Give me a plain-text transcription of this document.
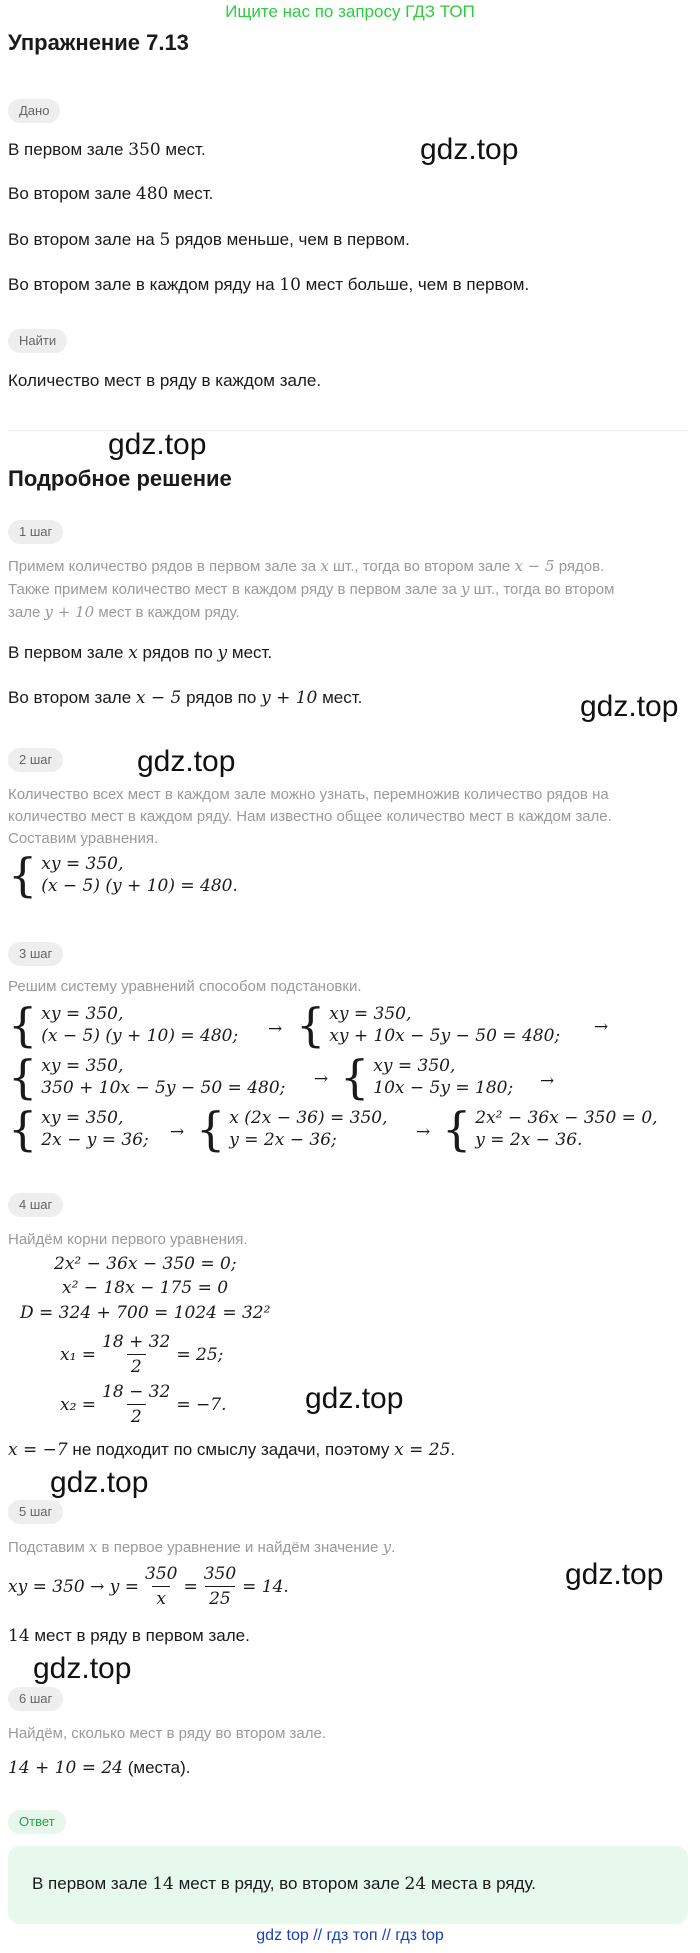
Ищите нас по запросу ГДЗ ТОП
Упражнение 7.13
Дано
В первом зале 350 мест.
Во втором зале 480 мест.
Во втором зале на 5 рядов меньше, чем в первом.
Во втором зале в каждом ряду на 10 мест больше, чем в первом.
Найти
Количество мест в ряду в каждом зале.
Подробное решение
gdz.top
gdz.top
gdz.top
gdz.top
gdz.top
gdz.top
gdz.top
gdz.top
1 шаг
Примем количество рядов в первом зале за x шт., тогда во втором зале x − 5 рядов.
Также примем количество мест в каждом ряду в первом зале за y шт., тогда во втором
зале y + 10 мест в каждом ряду.
В первом зале x рядов по y мест.
Во втором зале x − 5 рядов по y + 10 мест.
2 шаг
Количество всех мест в каждом зале можно узнать, перемножив количество рядов на
количество мест в каждом ряду. Нам известно общее количество мест в каждом зале.
Составим уравнения.
{ xy = 350,
(x − 5) (y + 10) = 480.
3 шаг
Решим систему уравнений способом подстановки.
{ xy = 350,
(x − 5) (y + 10) = 480; → { xy = 350,
xy + 10x − 5y − 50 = 480; →
{ xy = 350,
350 + 10x − 5y − 50 = 480; → { xy = 350,
10x − 5y = 180; →
{ xy = 350,
2x − y = 36; → { x (2x − 36) = 350,
y = 2x − 36;	→ { 2x² − 36x − 350 = 0,
y = 2x − 36.
4 шаг
Найдём корни первого уравнения.
2x² − 36x − 350 = 0;
x² − 18x − 175 = 0
D = 324 + 700 = 1024 = 32²
$x_1 = \frac{18 + 32}{2} = 25$;
$x_2 = \frac{18 - 32}{2} = -7$.
x = −7 не подходит по смыслу задачи, поэтому x = 25.
5 шаг
Подставим x в первое уравнение и найдём значение y.
xy = $350 \to y = \frac{350}{x} = \frac{350}{25} = 14$.
14 мест в ряду в первом зале.
6 шаг
Найдём, сколько мест в ряду во втором зале.
14 + 10 = 24 (места).
Ответ
В первом зале 14 мест в ряду, во втором зале 24 места в ряду.
gdz top // гдз топ // гдз top
